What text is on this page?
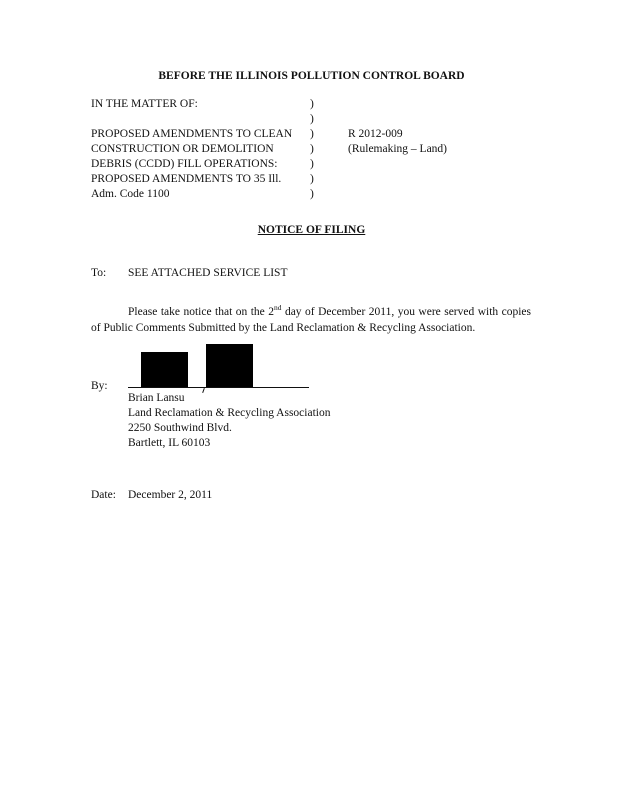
BEFORE THE ILLINOIS POLLUTION CONTROL BOARD
IN THE MATTER OF:
PROPOSED AMENDMENTS TO CLEAN
CONSTRUCTION OR DEMOLITION
DEBRIS (CCDD) FILL OPERATIONS:
PROPOSED AMENDMENTS TO 35 Ill.
Adm. Code 1100
)
)
)
)
)
)
)
R 2012-009
(Rulemaking – Land)
NOTICE OF FILING
To: SEE ATTACHED SERVICE LIST
Please take notice that on the 2nd day of December 2011, you were served with copies of Public Comments Submitted by the Land Reclamation & Recycling Association.
By:
Brian Lansu
Land Reclamation & Recycling Association
2250 Southwind Blvd.
Bartlett, IL 60103
Date: December 2, 2011
